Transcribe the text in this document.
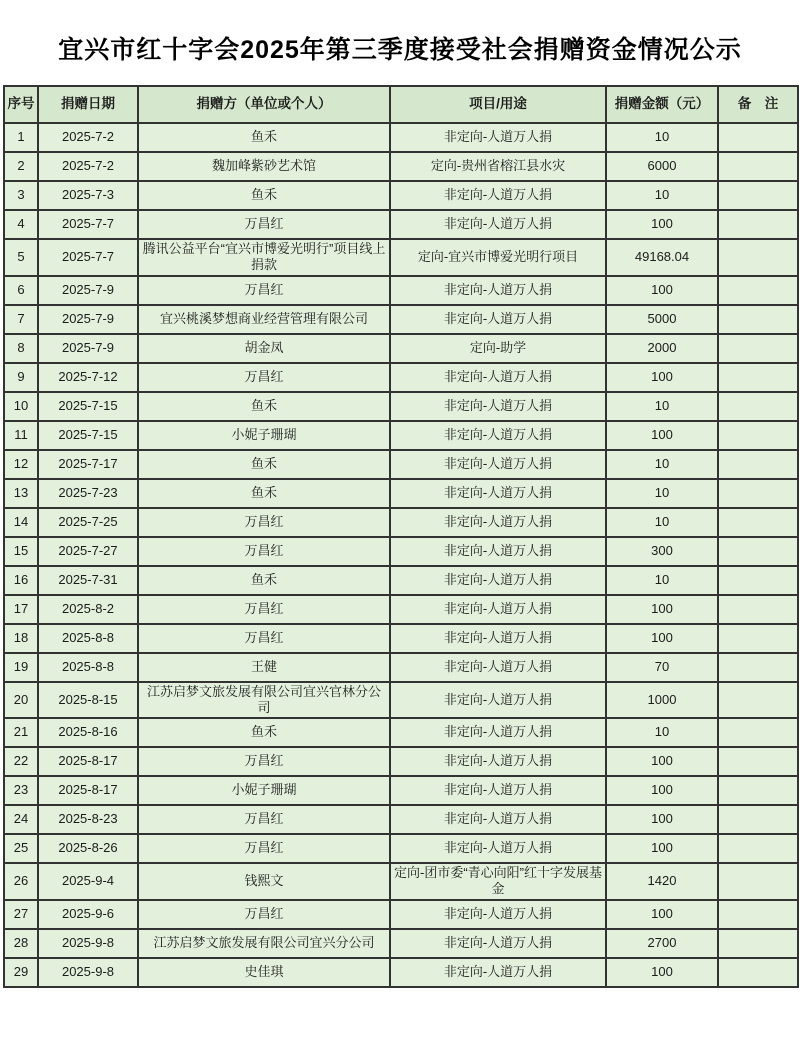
宜兴市红十字会2025年第三季度接受社会捐赠资金情况公示
序号	捐赠日期	捐赠方（单位或个人）	项目/用途	捐赠金额（元）	备　注
1	2025-7-2	鱼禾	非定向-人道万人捐	10	
2	2025-7-2	魏加峰紫砂艺术馆	定向-贵州省榕江县水灾	6000	
3	2025-7-3	鱼禾	非定向-人道万人捐	10	
4	2025-7-7	万昌红	非定向-人道万人捐	100	
5	2025-7-7	腾讯公益平台“宜兴市博爱光明行”项目线上捐款	定向-宜兴市博爱光明行项目	49168.04	
6	2025-7-9	万昌红	非定向-人道万人捐	100	
7	2025-7-9	宜兴桃溪梦想商业经营管理有限公司	非定向-人道万人捐	5000	
8	2025-7-9	胡金凤	定向-助学	2000	
9	2025-7-12	万昌红	非定向-人道万人捐	100	
10	2025-7-15	鱼禾	非定向-人道万人捐	10	
11	2025-7-15	小妮子珊瑚	非定向-人道万人捐	100	
12	2025-7-17	鱼禾	非定向-人道万人捐	10	
13	2025-7-23	鱼禾	非定向-人道万人捐	10	
14	2025-7-25	万昌红	非定向-人道万人捐	10	
15	2025-7-27	万昌红	非定向-人道万人捐	300	
16	2025-7-31	鱼禾	非定向-人道万人捐	10	
17	2025-8-2	万昌红	非定向-人道万人捐	100	
18	2025-8-8	万昌红	非定向-人道万人捐	100	
19	2025-8-8	王健	非定向-人道万人捐	70	
20	2025-8-15	江苏启梦文旅发展有限公司宜兴官林分公司	非定向-人道万人捐	1000	
21	2025-8-16	鱼禾	非定向-人道万人捐	10	
22	2025-8-17	万昌红	非定向-人道万人捐	100	
23	2025-8-17	小妮子珊瑚	非定向-人道万人捐	100	
24	2025-8-23	万昌红	非定向-人道万人捐	100	
25	2025-8-26	万昌红	非定向-人道万人捐	100	
26	2025-9-4	钱熙文	定向-团市委“青心向阳”红十字发展基金	1420	
27	2025-9-6	万昌红	非定向-人道万人捐	100	
28	2025-9-8	江苏启梦文旅发展有限公司宜兴分公司	非定向-人道万人捐	2700	
29	2025-9-8	史佳琪	非定向-人道万人捐	100	
